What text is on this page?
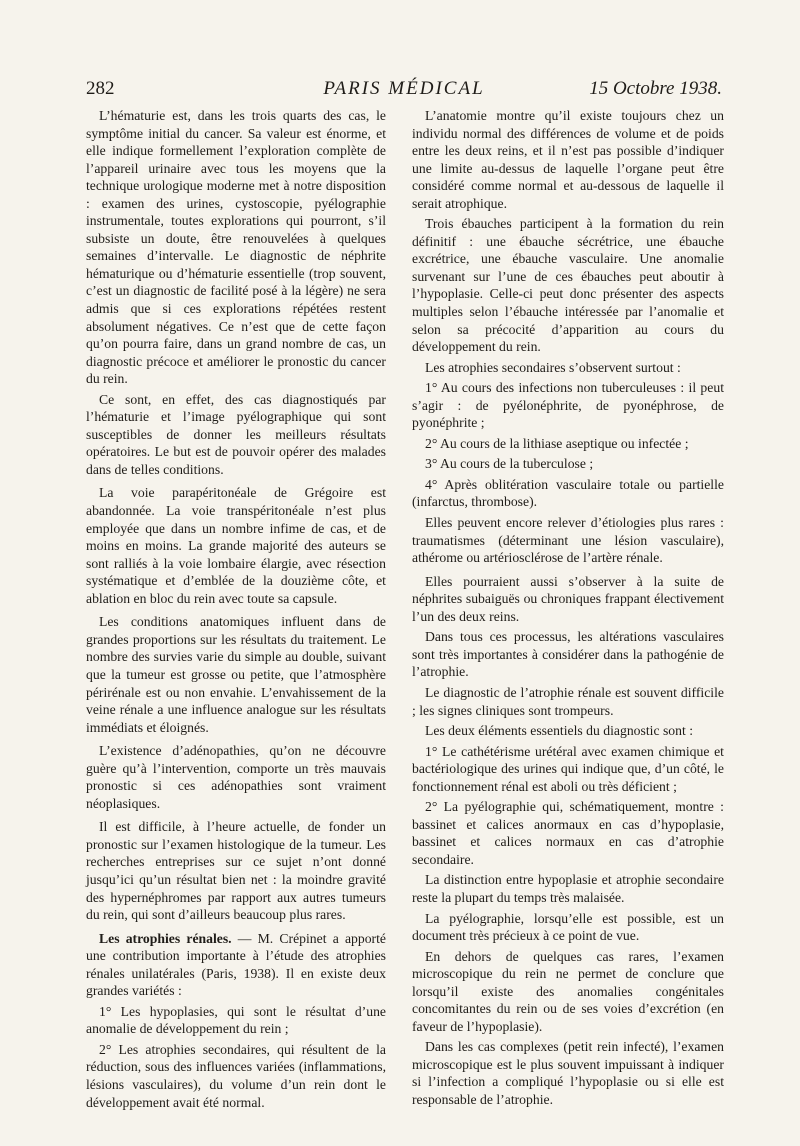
282	PARIS MÉDICAL	15 Octobre 1938.

L’hématurie est, dans les trois quarts des cas, le symptôme initial du cancer. Sa valeur est énorme, et elle indique formellement l’exploration complète de l’appareil urinaire avec tous les moyens que la technique urologique moderne met à notre disposition : examen des urines, cystoscopie, pyélographie instrumentale, toutes explorations qui pourront, s’il subsiste un doute, être renouvelées à quelques semaines d’intervalle. Le diagnostic de néphrite hématurique ou d’hématurie essentielle (trop souvent, c’est un diagnostic de facilité posé à la légère) ne sera admis que si ces explorations répétées restent absolument négatives. Ce n’est que de cette façon qu’on pourra faire, dans un grand nombre de cas, un diagnostic précoce et améliorer le pronostic du cancer du rein.

Ce sont, en effet, des cas diagnostiqués par l’hématurie et l’image pyélographique qui sont susceptibles de donner les meilleurs résultats opératoires. Le but est de pouvoir opérer des malades dans de telles conditions.

La voie parapéritonéale de Grégoire est abandonnée. La voie transpéritonéale n’est plus employée que dans un nombre infime de cas, et de moins en moins. La grande majorité des auteurs se sont ralliés à la voie lombaire élargie, avec résection systématique et d’emblée de la douzième côte, et ablation en bloc du rein avec toute sa capsule.

Les conditions anatomiques influent dans de grandes proportions sur les résultats du traitement. Le nombre des survies varie du simple au double, suivant que la tumeur est grosse ou petite, que l’atmosphère périrénale est ou non envahie. L’envahissement de la veine rénale a une influence analogue sur les résultats immédiats et éloignés.

L’existence d’adénopathies, qu’on ne découvre guère qu’à l’intervention, comporte un très mauvais pronostic si ces adénopathies sont vraiment néoplasiques.

Il est difficile, à l’heure actuelle, de fonder un pronostic sur l’examen histologique de la tumeur. Les recherches entreprises sur ce sujet n’ont donné jusqu’ici qu’un résultat bien net : la moindre gravité des hypernéphromes par rapport aux autres tumeurs du rein, qui sont d’ailleurs beaucoup plus rares.

Les atrophies rénales. — M. Crépinet a apporté une contribution importante à l’étude des atrophies rénales unilatérales (Paris, 1938). Il en existe deux grandes variétés :

1° Les hypoplasies, qui sont le résultat d’une anomalie de développement du rein ;

2° Les atrophies secondaires, qui résultent de la réduction, sous des influences variées (inflammations, lésions vasculaires), du volume d’un rein dont le développement avait été normal.

L’anatomie montre qu’il existe toujours chez un individu normal des différences de volume et de poids entre les deux reins, et il n’est pas possible d’indiquer une limite au-dessus de laquelle l’organe peut être considéré comme normal et au-dessous de laquelle il serait atrophique.

Trois ébauches participent à la formation du rein définitif : une ébauche sécrétrice, une ébauche excrétrice, une ébauche vasculaire. Une anomalie survenant sur l’une de ces ébauches peut aboutir à l’hypoplasie. Celle-ci peut donc présenter des aspects multiples selon l’ébauche intéressée par l’anomalie et selon sa précocité d’apparition au cours du développement du rein.

Les atrophies secondaires s’observent surtout :

1° Au cours des infections non tuberculeuses : il peut s’agir : de pyélonéphrite, de pyonéphrose, de pyonéphrite ;

2° Au cours de la lithiase aseptique ou infectée ;

3° Au cours de la tuberculose ;

4° Après oblitération vasculaire totale ou partielle (infarctus, thrombose).

Elles peuvent encore relever d’étiologies plus rares : traumatismes (déterminant une lésion vasculaire), athérome ou artériosclérose de l’artère rénale.

Elles pourraient aussi s’observer à la suite de néphrites subaiguës ou chroniques frappant électivement l’un des deux reins.

Dans tous ces processus, les altérations vasculaires sont très importantes à considérer dans la pathogénie de l’atrophie.

Le diagnostic de l’atrophie rénale est souvent difficile ; les signes cliniques sont trompeurs.

Les deux éléments essentiels du diagnostic sont :

1° Le cathétérisme urétéral avec examen chimique et bactériologique des urines qui indique que, d’un côté, le fonctionnement rénal est aboli ou très déficient ;

2° La pyélographie qui, schématiquement, montre : bassinet et calices anormaux en cas d’hypoplasie, bassinet et calices normaux en cas d’atrophie secondaire.

La distinction entre hypoplasie et atrophie secondaire reste la plupart du temps très malaisée.

La pyélographie, lorsqu’elle est possible, est un document très précieux à ce point de vue.

En dehors de quelques cas rares, l’examen microscopique du rein ne permet de conclure que lorsqu’il existe des anomalies congénitales concomitantes du rein ou de ses voies d’excrétion (en faveur de l’hypoplasie).

Dans les cas complexes (petit rein infecté), l’examen microscopique est le plus souvent impuissant à indiquer si l’infection a compliqué l’hypoplasie ou si elle est responsable de l’atrophie.
